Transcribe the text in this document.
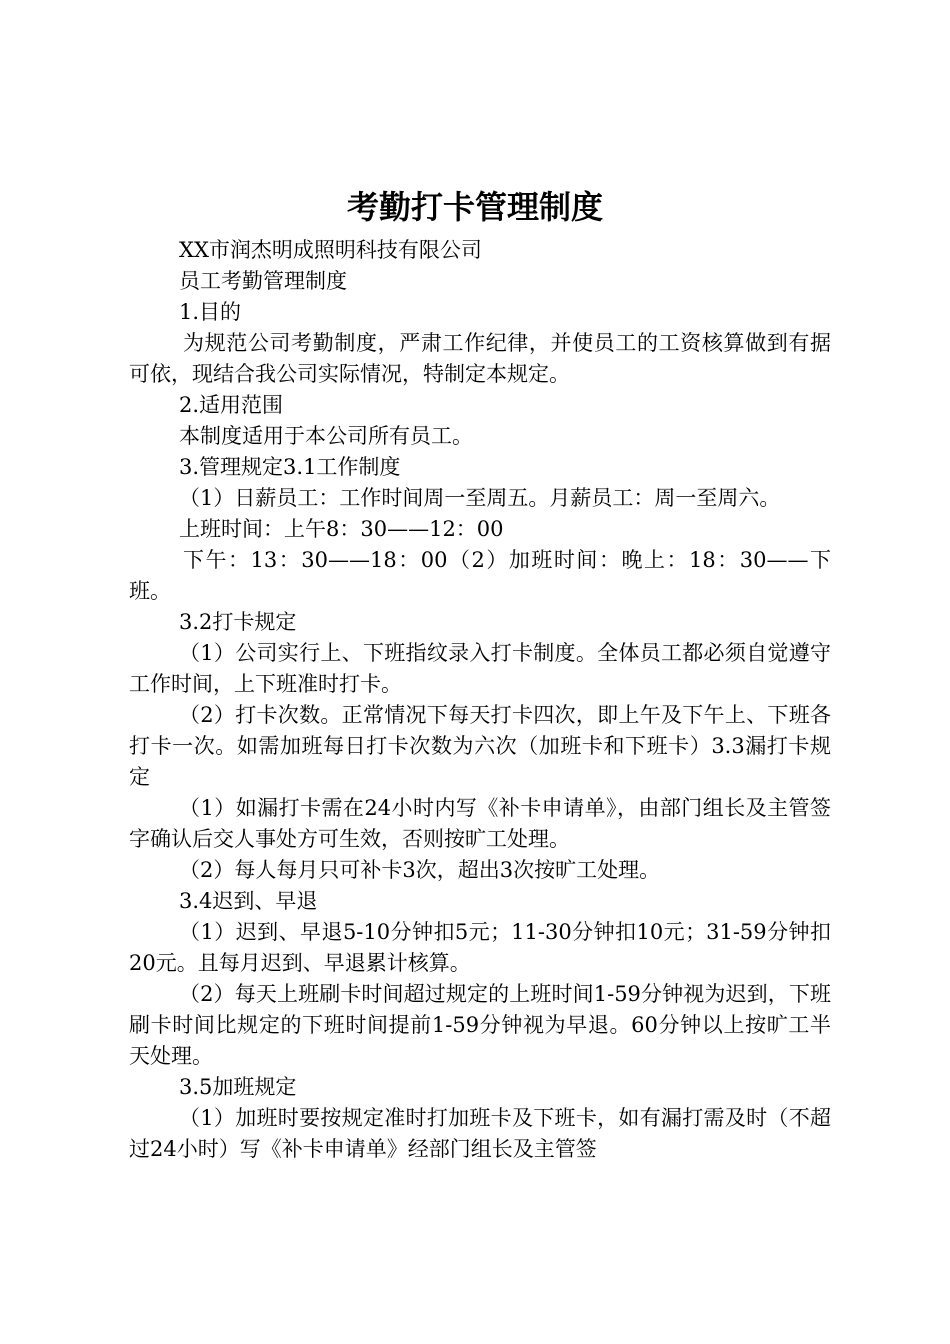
考勤打卡管理制度

XX市润杰明成照明科技有限公司

员工考勤管理制度

1.目的

为规范公司考勤制度，严肃工作纪律，并使员工的工资核算做到有据可依，现结合我公司实际情况，特制定本规定。

2.适用范围

本制度适用于本公司所有员工。

3.管理规定3.1工作制度

（1）日薪员工：工作时间周一至周五。月薪员工：周一至周六。

上班时间：上午8：30——12：00

下午：13：30——18：00（2）加班时间：晚上：18：30——下班。

3.2打卡规定

（1）公司实行上、下班指纹录入打卡制度。全体员工都必须自觉遵守工作时间，上下班准时打卡。

（2）打卡次数。正常情况下每天打卡四次，即上午及下午上、下班各打卡一次。如需加班每日打卡次数为六次（加班卡和下班卡）3.3漏打卡规定

（1）如漏打卡需在24小时内写《补卡申请单》，由部门组长及主管签字确认后交人事处方可生效，否则按旷工处理。

（2）每人每月只可补卡3次，超出3次按旷工处理。

3.4迟到、早退

（1）迟到、早退5-10分钟扣5元；11-30分钟扣10元；31-59分钟扣20元。且每月迟到、早退累计核算。

（2）每天上班刷卡时间超过规定的上班时间1-59分钟视为迟到，下班刷卡时间比规定的下班时间提前1-59分钟视为早退。60分钟以上按旷工半天处理。

3.5加班规定

（1）加班时要按规定准时打加班卡及下班卡，如有漏打需及时（不超过24小时）写《补卡申请单》经部门组长及主管签
